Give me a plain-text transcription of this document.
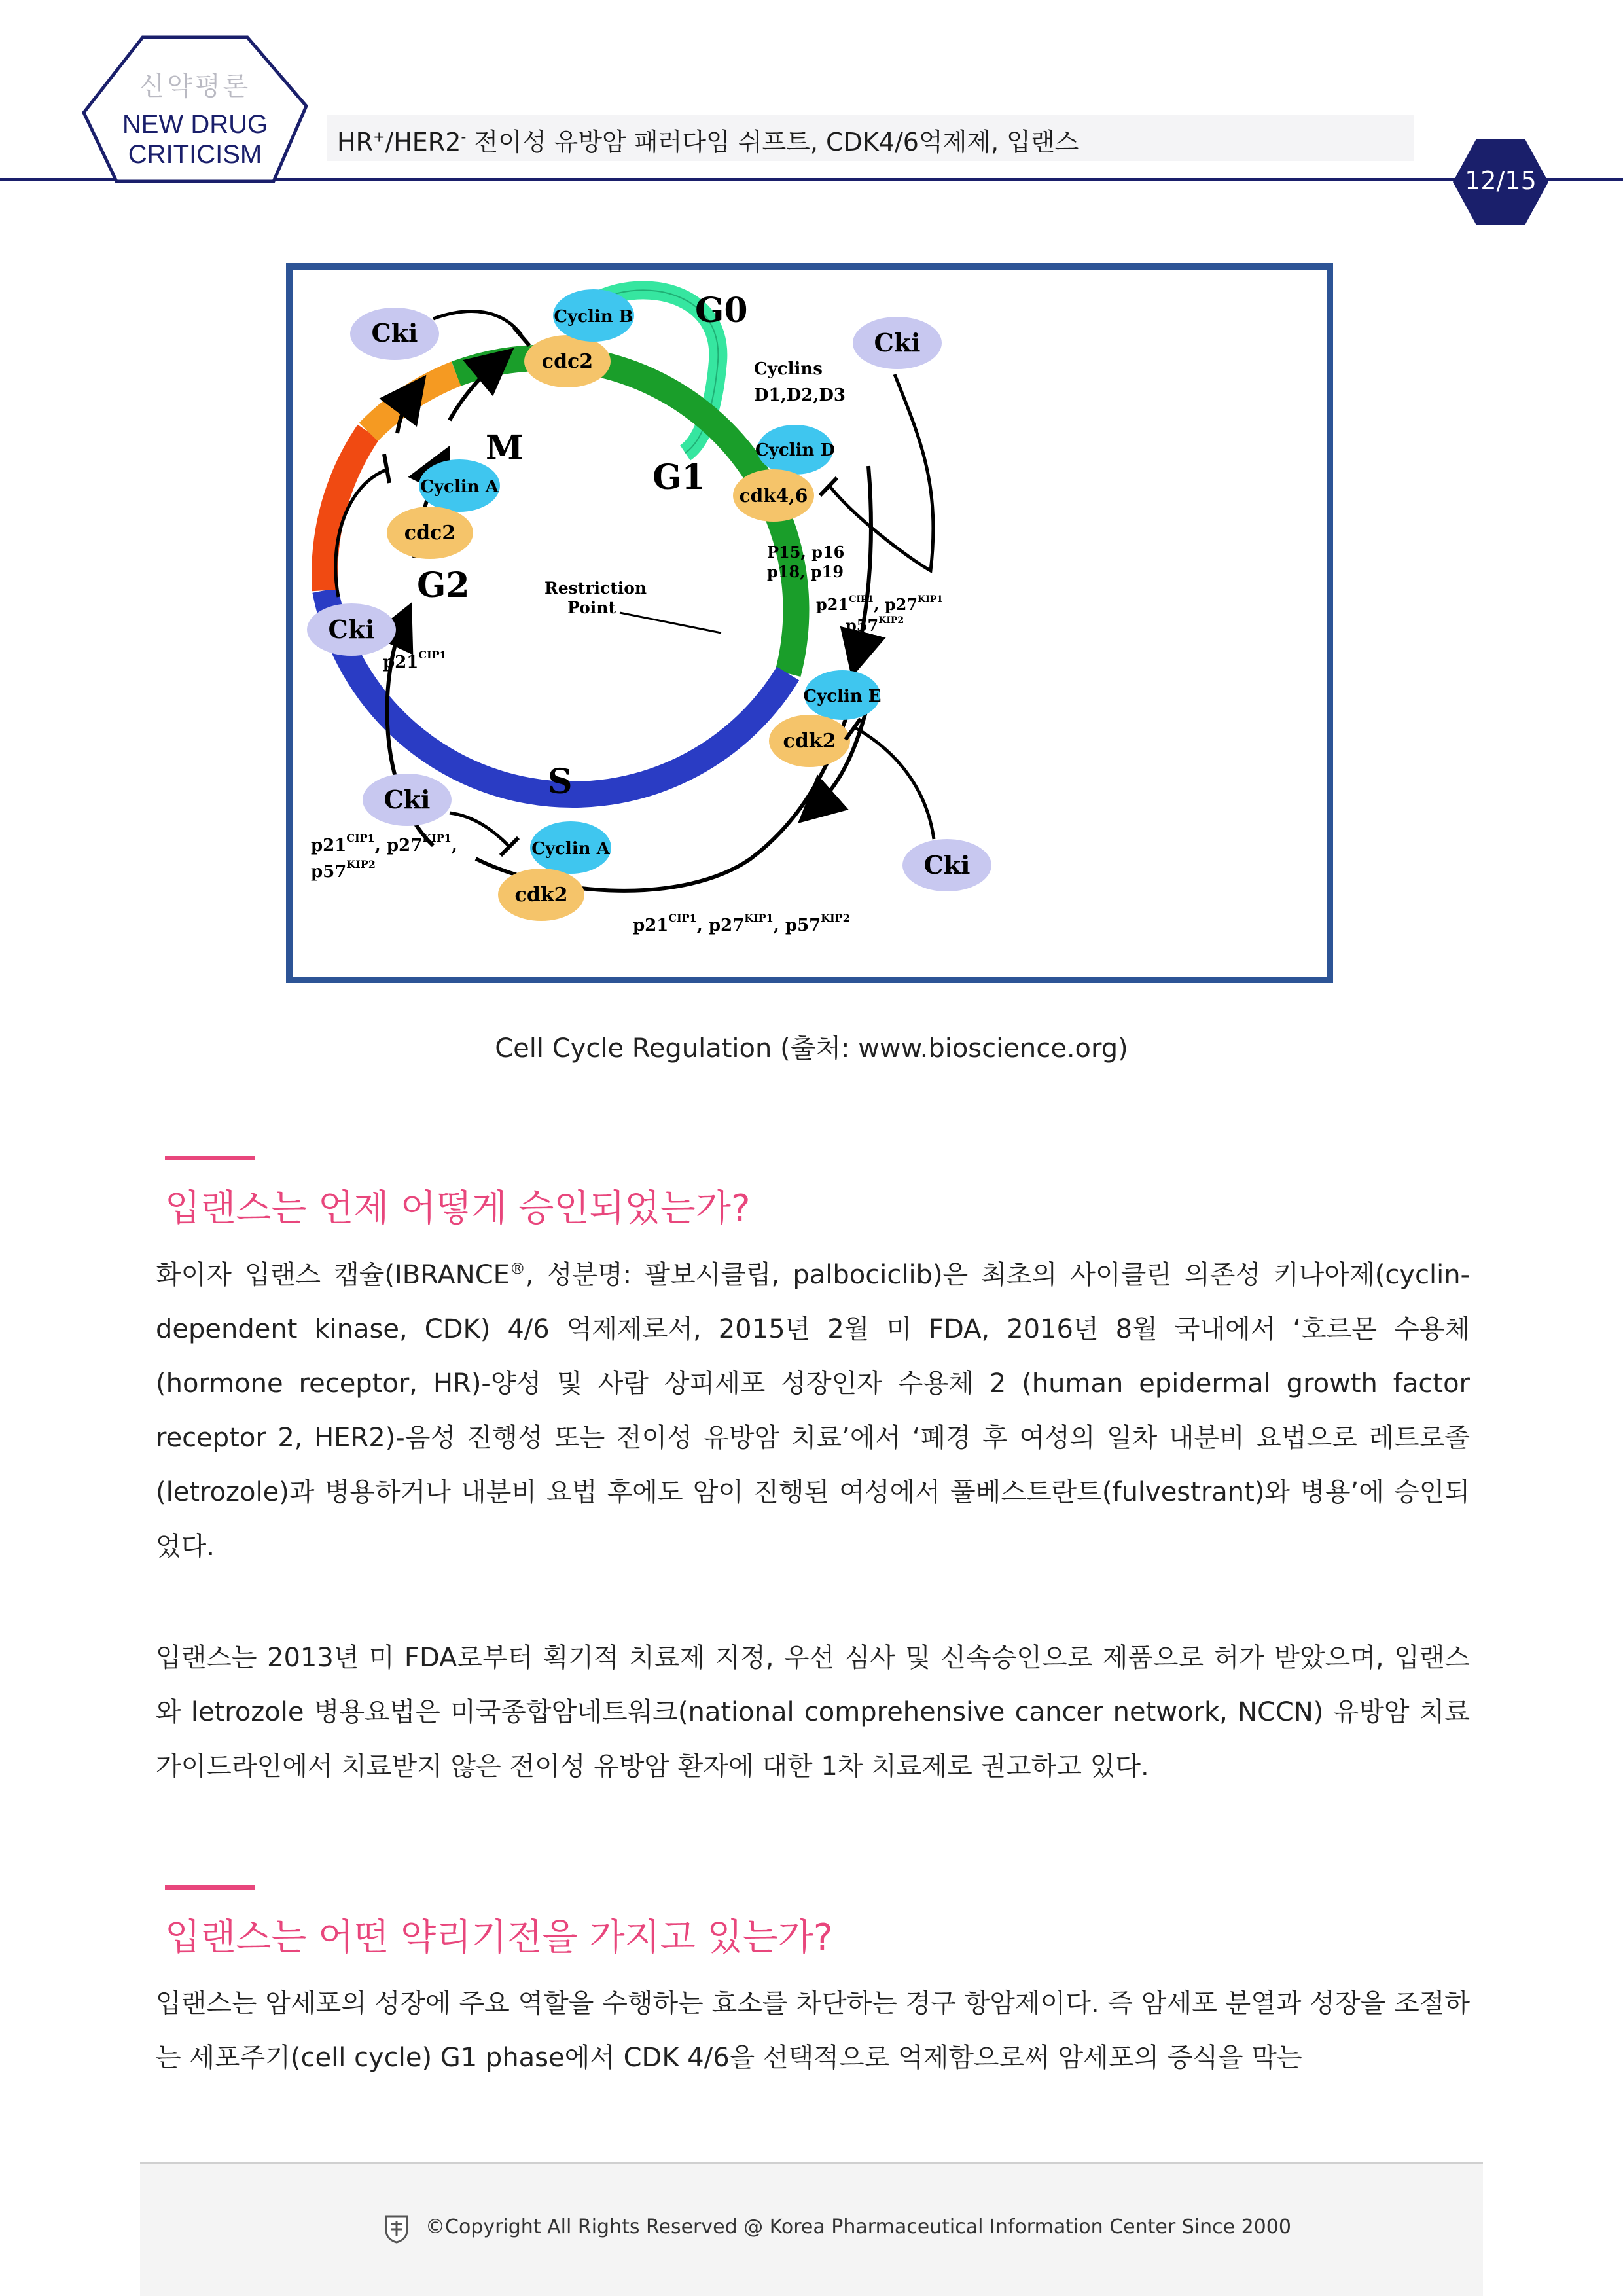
신약평론
NEW DRUG
CRITICISM	HR+/HER2- 전이성 유방암 패러다임 쉬프트, CDK4/6억제제, 입랜스
12/15
G0
G1
M
G2
S
Restriction
Point
Cki
cdc2
Cyclin B
Cyclin A
cdc2
Cki
$p21^{CIP1}$
Cki
$p21^{CIP1}$, $p27^{KIP1}$,
$p57^{KIP2}$
Cyclin A
cdk2
Cyclins
D1,D2,D3
Cki
Cyclin D
cdk4,6
P15, p16
p18, p19
$p21^{CIP1}$, $p27^{KIP1}$
$p57^{KIP2}$
Cyclin E
cdk2
Cki
$p21^{CIP1}$, $p27^{KIP1}$, $p57^{KIP2}$
Cell Cycle Regulation (출처: www.bioscience.org)
입랜스는 언제 어떻게 승인되었는가?
화이자 입랜스 캡슐(IBRANCE®, 성분명: 팔보시클립, palbociclib)은 최초의 사이클린 의존성 키나아제(cyclin-dependent kinase, CDK) 4/6 억제제로서, 2015년 2월 미 FDA, 2016년 8월 국내에서 ‘호르몬 수용체(hormone receptor, HR)-양성 및 사람 상피세포 성장인자 수용체 2 (human epidermal growth factor receptor 2, HER2)-음성 진행성 또는 전이성 유방암 치료’에서 ‘폐경 후 여성의 일차 내분비 요법으로 레트로졸(letrozole)과 병용하거나 내분비 요법 후에도 암이 진행된 여성에서 풀베스트란트(fulvestrant)와 병용’에 승인되었다.
입랜스는 2013년 미 FDA로부터 획기적 치료제 지정, 우선 심사 및 신속승인으로 제품으로 허가 받았으며, 입랜스와 letrozole 병용요법은 미국종합암네트워크(national comprehensive cancer network, NCCN) 유방암 치료 가이드라인에서 치료받지 않은 전이성 유방암 환자에 대한 1차 치료제로 권고하고 있다.
입랜스는 어떤 약리기전을 가지고 있는가?
입랜스는 암세포의 성장에 주요 역할을 수행하는 효소를 차단하는 경구 항암제이다. 즉 암세포 분열과 성장을 조절하는 세포주기(cell cycle) G1 phase에서 CDK 4/6을 선택적으로 억제함으로써 암세포의 증식을 막는
©Copyright All Rights Reserved @ Korea Pharmaceutical Information Center Since 2000
